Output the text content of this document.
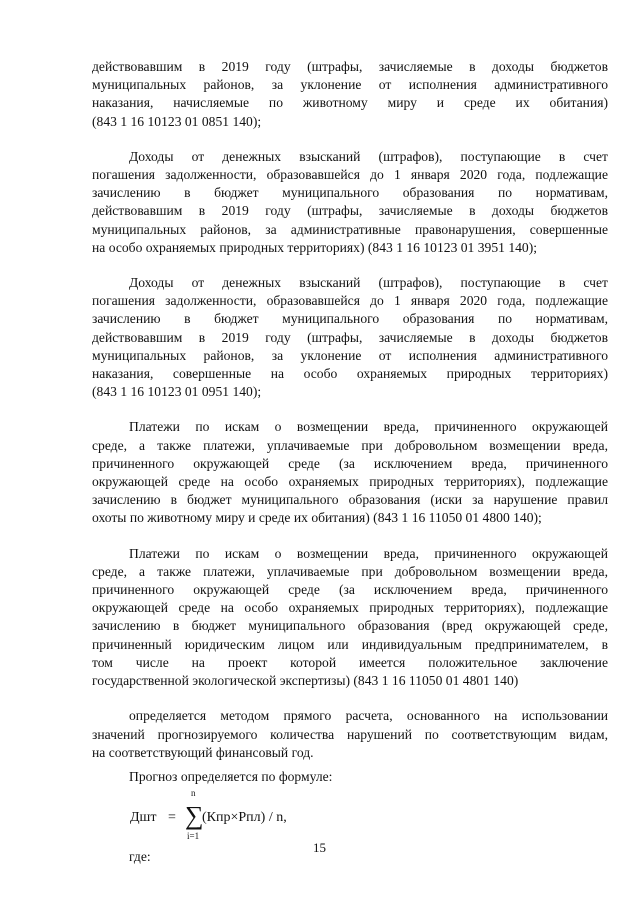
действовавшим в 2019 году (штрафы, зачисляемые в доходы бюджетов
муниципальных районов, за уклонение от исполнения административного
наказания, начисляемые по животному миру и среде их обитания)
(843 1 16 10123 01 0851 140);

Доходы от денежных взысканий (штрафов), поступающие в счет
погашения задолженности, образовавшейся до 1 января 2020 года, подлежащие
зачислению в бюджет муниципального образования по нормативам,
действовавшим в 2019 году (штрафы, зачисляемые в доходы бюджетов
муниципальных районов, за административные правонарушения, совершенные
на особо охраняемых природных территориях) (843 1 16 10123 01 3951 140);

Доходы от денежных взысканий (штрафов), поступающие в счет
погашения задолженности, образовавшейся до 1 января 2020 года, подлежащие
зачислению в бюджет муниципального образования по нормативам,
действовавшим в 2019 году (штрафы, зачисляемые в доходы бюджетов
муниципальных районов, за уклонение от исполнения административного
наказания, совершенные на особо охраняемых природных территориях)
(843 1 16 10123 01 0951 140);

Платежи по искам о возмещении вреда, причиненного окружающей
среде, а также платежи, уплачиваемые при добровольном возмещении вреда,
причиненного окружающей среде (за исключением вреда, причиненного
окружающей среде на особо охраняемых природных территориях), подлежащие
зачислению в бюджет муниципального образования (иски за нарушение правил
охоты по животному миру и среде их обитания) (843 1 16 11050 01 4800 140);

Платежи по искам о возмещении вреда, причиненного окружающей
среде, а также платежи, уплачиваемые при добровольном возмещении вреда,
причиненного окружающей среде (за исключением вреда, причиненного
окружающей среде на особо охраняемых природных территориях), подлежащие
зачислению в бюджет муниципального образования (вред окружающей среде,
причиненный юридическим лицом или индивидуальным предпринимателем, в
том числе на проект которой имеется положительное заключение
государственной экологической экспертизы) (843 1 16 11050 01 4801 140)

определяется методом прямого расчета, основанного на использовании
значений прогнозируемого количества нарушений по соответствующим видам,
на соответствующий финансовый год.

Прогноз определяется по формуле:

Дшт =
n
∑
i=1
(Кпр×Рпл) / n,
где:
15
